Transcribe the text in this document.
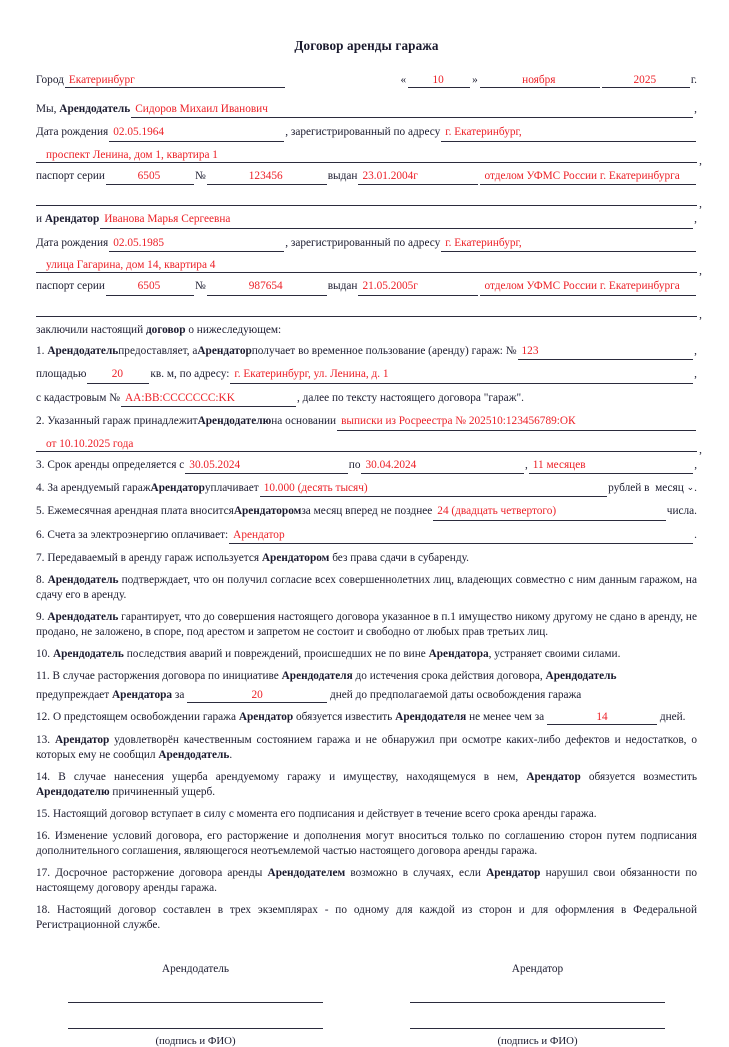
Договор аренды гаража
Город Екатеринбург	«	10	»	ноября	2025	г.
Мы,
Арендодатель Сидоров Михаил Иванович	,
Дата рождения 02.05.1964	, зарегистрированный по адресу г. Екатеринбург,
проспект Ленина, дом 1, квартира 1	,
паспорт серии	6505	№	123456	выдан 23.01.2004г	отделом УФМС России г. Екатеринбурга
,
и
Арендатор Иванова Марья Сергеевна	,
Дата рождения 02.05.1985	, зарегистрированный по адресу г. Екатеринбург,
улица Гагарина, дом 14, квартира 4	,
паспорт серии	6505	№	987654	выдан 21.05.2005г	отделом УФМС России г. Екатеринбурга
,
заключили настоящий договор о нижеследующем:
1.
Арендодатель предоставляет, а Арендатор получает во временное пользование (аренду) гараж: № 123	,
площадью	20	кв. м, по адресу: г. Екатеринбург, ул. Ленина, д. 1	,
с кадастровым № AA:BB:CCCCCCC:KK	, далее по тексту настоящего договора "гараж".
2.
Указанный гараж принадлежит Арендодателю на основании выписки из Росреестра № 202510:123456789:ОК
от 10.10.2025 года	,
3.
Срок аренды определяется с 30.05.2024	по 30.04.2024	, 11 месяцев	,
4.
За арендуемый гараж Арендатор уплачивает 10.000 (десять тысяч)	рублей в
месяц
⌄ .
5.
Ежемесячная арендная плата вносится Арендатором за месяц вперед не позднее 24 (двадцать четвертого)	числа.
6.
Счета за электроэнергию оплачивает: Арендатор	.
7. Передаваемый в аренду гараж используется Арендатором без права сдачи в субаренду.
8. Арендодатель подтверждает, что он получил согласие всех совершеннолетних лиц, владеющих совместно с ним данным гаражом, на сдачу его в аренду.
9. Арендодатель гарантирует, что до совершения настоящего договора указанное в п.1 имущество никому другому не сдано в аренду, не продано, не заложено, в споре, под арестом и запретом не состоит и свободно от любых прав третьих лиц.
10. Арендодатель последствия аварий и повреждений, происшедших не по вине Арендатора, устраняет своими силами.
11. В случае расторжения договора по инициативе Арендодателя до истечения срока действия договора, Арендодатель
предупреждает Арендатора за	20	дней до предполагаемой даты освобождения гаража
12. О предстоящем освобождении гаража Арендатор обязуется известить Арендодателя не менее чем за	14	дней.
13. Арендатор удовлетворён качественным состоянием гаража и не обнаружил при осмотре каких-либо дефектов и недостатков, о которых ему не сообщил Арендодатель.
14. В случае нанесения ущерба арендуемому гаражу и имуществу, находящемуся в нем, Арендатор обязуется возместить Арендодателю причиненный ущерб.
15. Настоящий договор вступает в силу с момента его подписания и действует в течение всего срока аренды гаража.
16. Изменение условий договора, его расторжение и дополнения могут вноситься только по соглашению сторон путем подписания дополнительного соглашения, являющегося неотъемлемой частью настоящего договора аренды гаража.
17. Досрочное расторжение договора аренды Арендодателем возможно в случаях, если Арендатор нарушил свои обязанности по настоящему договору аренды гаража.
18. Настоящий договор составлен в трех экземплярах - по одному для каждой из сторон и для оформления в Федеральной Регистрационной службе.
Арендодатель
(подпись и ФИО)
Арендатор
(подпись и ФИО)
